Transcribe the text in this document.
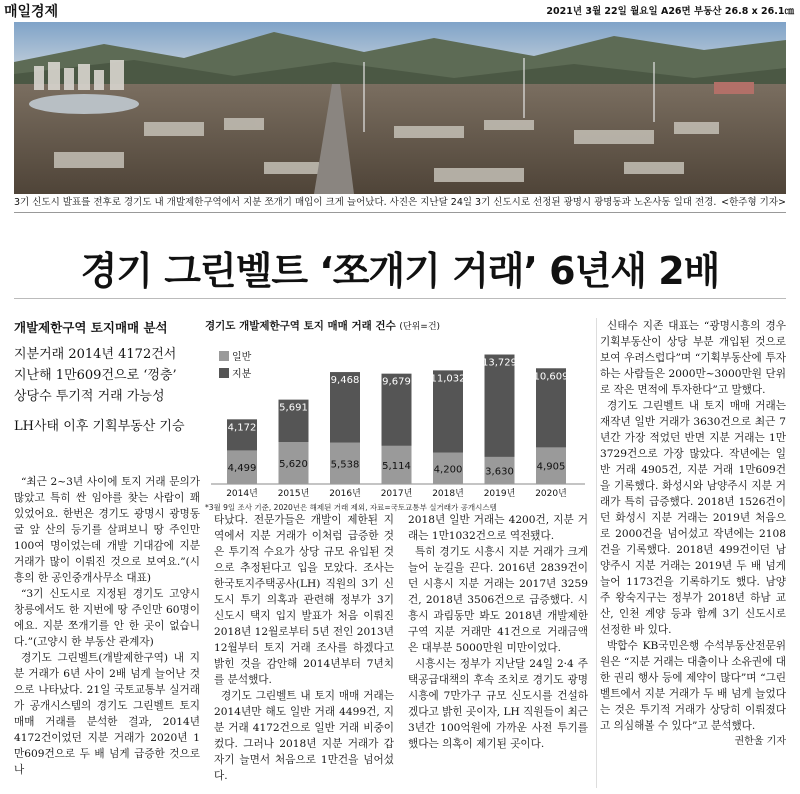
매일경제	2021년 3월 22일 월요일 A26면 부동산 26.8 x 26.1㎝
3기 신도시 발표를 전후로 경기도 내 개발제한구역에서 지분 쪼개기 매입이 크게 늘어났다. 사진은 지난달 24일 3기 신도시로 선정된 광명시 광명동과 노온사동 일대 전경. <한주형 기자>
경기 그린벨트 ‘쪼개기 거래’ 6년새 2배
개발제한구역 토지매매 분석
지분거래 2014년 4172건서
지난해 1만609건으로 ‘껑충’
상당수 투기적 거래 가능성
LH사태 이후 기획부동산 기승
경기도 개발제한구역 토지 매매 거래 건수 (단위=건)
일반
지분
4,499
4,172
2014년
5,620
5,691
2015년
5,538
9,468
2016년
5,114
9,679
2017년
4,200
11,032
2018년
3,630
13,729
2019년
4,905
10,609
2020년
*3월 9일 조사 기준, 2020년은 해제된 거래 제외, 자료=국토교통부 실거래가 공개시스템

“최근 2~3년 사이에 토지 거래 문의가 많았고 특히 싼 임야를 찾는 사람이 꽤 있었어요. 한번은 경기도 광명시 광명동굴 앞 산의 등기를 살펴보니 땅 주인만 100여 명이었는데 개발 기대감에 지분 거래가 많이 이뤄진 것으로 보여요.”(시흥의 한 공인중개사무소 대표)

“3기 신도시로 지정된 경기도 고양시 창릉에서도 한 지번에 땅 주인만 60명이에요. 지분 쪼개기를 안 한 곳이 없습니다.”(고양시 한 부동산 관계자)

경기도 그린벨트(개발제한구역) 내 지분 거래가 6년 사이 2배 넘게 늘어난 것으로 나타났다. 21일 국토교통부 실거래가 공개시스템의 경기도 그린벨트 토지 매매 거래를 분석한 결과, 2014년 4172건이었던 지분 거래가 2020년 1만609건으로 두 배 넘게 급증한 것으로 나

타났다. 전문가들은 개발이 제한된 지역에서 지분 거래가 이처럼 급증한 것은 투기적 수요가 상당 규모 유입된 것으로 추정된다고 입을 모았다. 조사는 한국토지주택공사(LH) 직원의 3기 신도시 투기 의혹과 관련해 정부가 3기 신도시 택지 입지 발표가 처음 이뤄진 2018년 12월로부터 5년 전인 2013년 12월부터 토지 거래 조사를 하겠다고 밝힌 것을 감안해 2014년부터 7년치를 분석했다.

경기도 그린벨트 내 토지 매매 거래는 2014년만 해도 일반 거래 4499건, 지분 거래 4172건으로 일반 거래 비중이 컸다. 그러나 2018년 지분 거래가 갑자기 늘면서 처음으로 1만건을 넘어섰다.

2018년 일반 거래는 4200건, 지분 거래는 1만1032건으로 역전됐다.

특히 경기도 시흥시 지분 거래가 크게 늘어 눈길을 끈다. 2016년 2839건이던 시흥시 지분 거래는 2017년 3259건, 2018년 3506건으로 급증했다. 시흥시 과림동만 봐도 2018년 개발제한구역 지분 거래만 41건으로 거래금액은 대부분 5000만원 미만이었다.

시흥시는 정부가 지난달 24일 2·4 주택공급대책의 후속 조치로 경기도 광명시흥에 7만가구 규모 신도시를 건설하겠다고 밝힌 곳이자, LH 직원들이 최근 3년간 100억원에 가까운 사전 투기를 했다는 의혹이 제기된 곳이다.

신태수 지존 대표는 “광명시흥의 경우 기획부동산이 상당 부분 개입된 것으로 보여 우려스럽다”며 “기획부동산에 투자하는 사람들은 2000만~3000만원 단위로 작은 면적에 투자한다”고 말했다.

경기도 그린벨트 내 토지 매매 거래는 재작년 일반 거래가 3630건으로 최근 7년간 가장 적었던 반면 지분 거래는 1만3729건으로 가장 많았다. 작년에는 일반 거래 4905건, 지분 거래 1만609건을 기록했다. 화성시와 남양주시 지분 거래가 특히 급증했다. 2018년 1526건이던 화성시 지분 거래는 2019년 처음으로 2000건을 넘어섰고 작년에는 2108건을 기록했다. 2018년 499건이던 남양주시 지분 거래는 2019년 두 배 넘게 늘어 1173건을 기록하기도 했다. 남양주 왕숙지구는 정부가 2018년 하남 교산, 인천 계양 등과 함께 3기 신도시로 선정한 바 있다.

박합수 KB국민은행 수석부동산전문위원은 “지분 거래는 대출이나 소유권에 대한 권리 행사 등에 제약이 많다”며 “그린벨트에서 지분 거래가 두 배 넘게 늘었다는 것은 투기적 거래가 상당히 이뤄졌다고 의심해볼 수 있다”고 분석했다.

권한울 기자
